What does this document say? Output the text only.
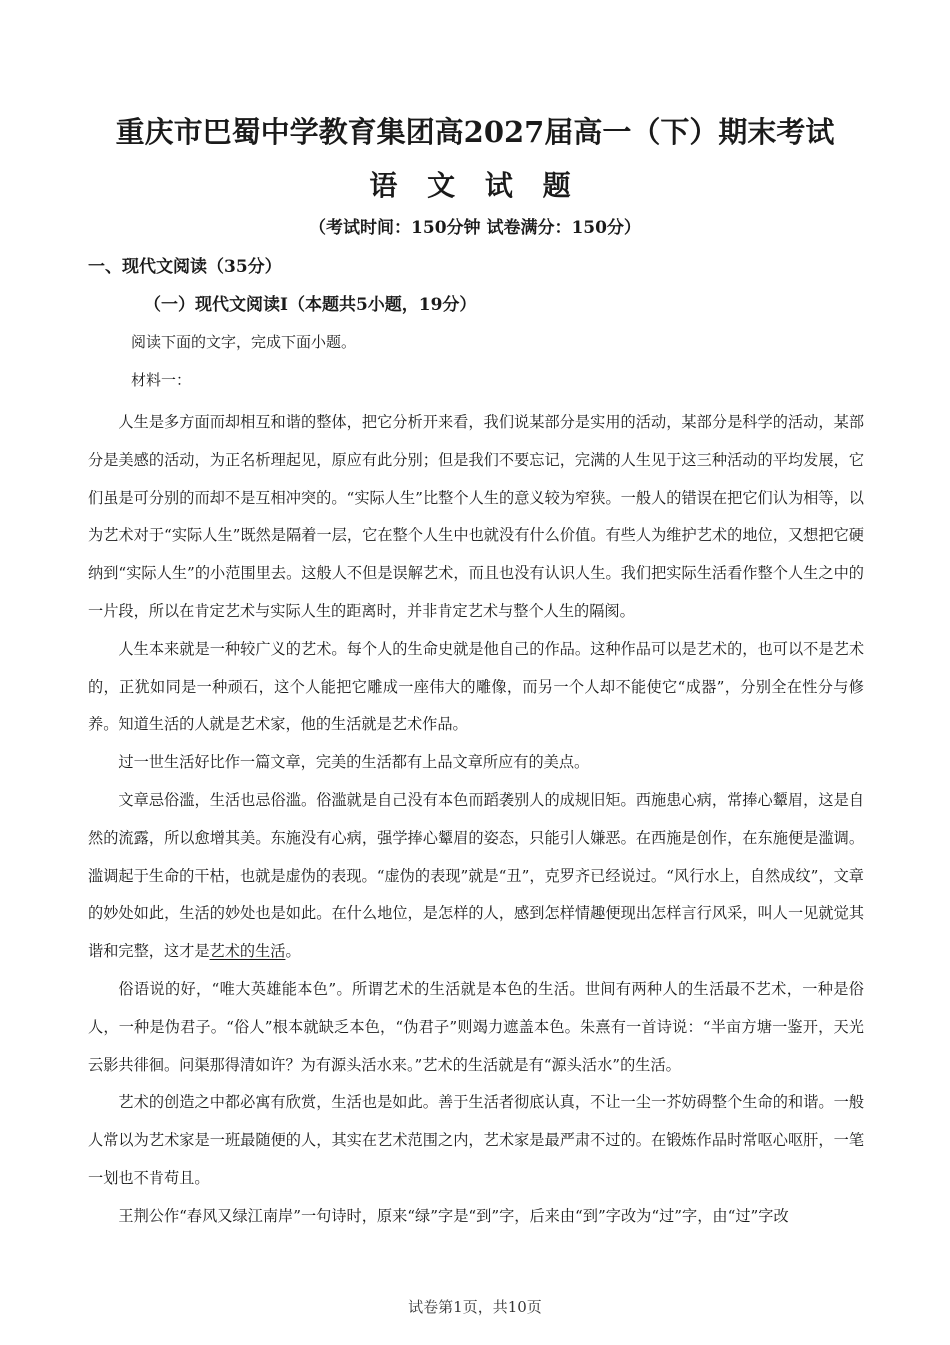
重庆市巴蜀中学教育集团高2027届高一（下）期末考试
语 文 试 题
（考试时间：150分钟 试卷满分：150分）
一、现代文阅读（35分）
（一）现代文阅读I（本题共5小题，19分）
阅读下面的文字，完成下面小题。
材料一：

人生是多方面而却相互和谐的整体，把它分析开来看，我们说某部分是实用的活动，某部分是科学的活动，某部分是美感的活动，为正名析理起见，原应有此分别；但是我们不要忘记，完满的人生见于这三种活动的平均发展，它们虽是可分别的而却不是互相冲突的。“实际人生”比整个人生的意义较为窄狭。一般人的错误在把它们认为相等，以为艺术对于“实际人生”既然是隔着一层，它在整个人生中也就没有什么价值。有些人为维护艺术的地位，又想把它硬纳到“实际人生”的小范围里去。这般人不但是误解艺术，而且也没有认识人生。我们把实际生活看作整个人生之中的一片段，所以在肯定艺术与实际人生的距离时，并非肯定艺术与整个人生的隔阂。

人生本来就是一种较广义的艺术。每个人的生命史就是他自己的作品。这种作品可以是艺术的，也可以不是艺术的，正犹如同是一种顽石，这个人能把它雕成一座伟大的雕像，而另一个人却不能使它“成器”，分别全在性分与修养。知道生活的人就是艺术家，他的生活就是艺术作品。

过一世生活好比作一篇文章，完美的生活都有上品文章所应有的美点。

文章忌俗滥，生活也忌俗滥。俗滥就是自己没有本色而蹈袭别人的成规旧矩。西施患心病，常捧心颦眉，这是自然的流露，所以愈增其美。东施没有心病，强学捧心颦眉的姿态，只能引人嫌恶。在西施是创作，在东施便是滥调。滥调起于生命的干枯，也就是虚伪的表现。“虚伪的表现”就是“丑”，克罗齐已经说过。“风行水上，自然成纹”，文章的妙处如此，生活的妙处也是如此。在什么地位，是怎样的人，感到怎样情趣便现出怎样言行风采，叫人一见就觉其谐和完整，这才是艺术的生活。

俗语说的好，“唯大英雄能本色”。所谓艺术的生活就是本色的生活。世间有两种人的生活最不艺术，一种是俗人，一种是伪君子。“俗人”根本就缺乏本色，“伪君子”则竭力遮盖本色。朱熹有一首诗说：“半亩方塘一鉴开，天光云影共徘徊。问渠那得清如许？为有源头活水来。”艺术的生活就是有“源头活水”的生活。

艺术的创造之中都必寓有欣赏，生活也是如此。善于生活者彻底认真，不让一尘一芥妨碍整个生命的和谐。一般人常以为艺术家是一班最随便的人，其实在艺术范围之内，艺术家是最严肃不过的。在锻炼作品时常呕心呕肝，一笔一划也不肯苟且。

王荆公作“春风又绿江南岸”一句诗时，原来“绿”字是“到”字，后来由“到”字改为“过”字，由“过”字改

试卷第1页，共10页
